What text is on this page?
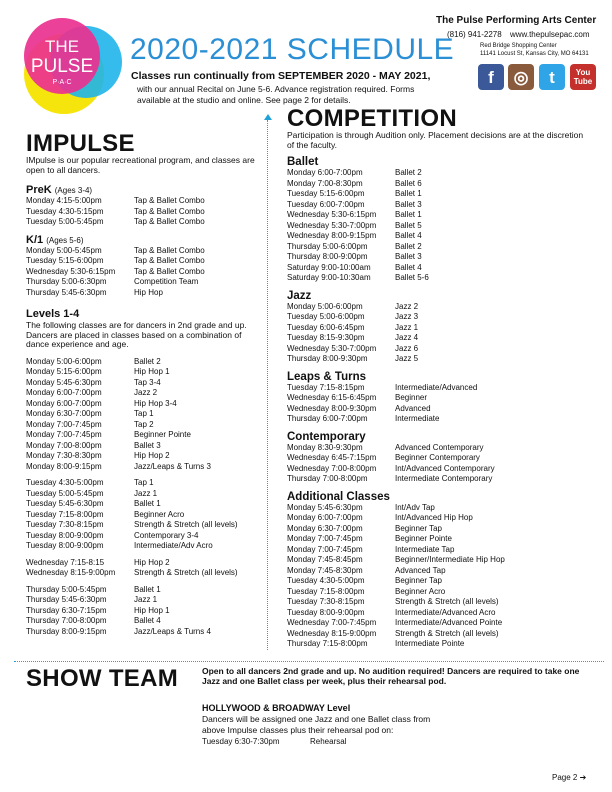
THE
PULSE
P·A·C
2020-2021 SCHEDULE
Classes run continually from SEPTEMBER 2020 - MAY 2021,
with our annual Recital on June 5-6. Advance registration required. Forms available at the studio and online. See page 2 for details.
The Pulse Performing Arts Center
(816) 941-2278 www.thepulsepac.com
Red Bridge Shopping Center
11141 Locust St, Kansas City, MO 64131
f ◎ t	You
Tube
IMPULSE
IMpulse is our popular recreational program, and classes are open to all dancers.
PreK (Ages 3-4)
Monday 4:15-5:00pm	Tap & Ballet Combo
Tuesday 4:30-5:15pm	Tap & Ballet Combo
Tuesday 5:00-5:45pm	Tap & Ballet Combo
K/1 (Ages 5-6)
Monday 5:00-5:45pm	Tap & Ballet Combo
Tuesday 5:15-6:00pm	Tap & Ballet Combo
Wednesday 5:30-6:15pm Tap & Ballet Combo
Thursday 5:00-6:30pm	Competition Team
Thursday 5:45-6:30pm	Hip Hop
Levels 1-4
The following classes are for dancers in 2nd grade and up. Dancers are placed in classes based on a combination of dance experience and age.
Monday 5:00-6:00pm	Ballet 2
Monday 5:15-6:00pm	Hip Hop 1
Monday 5:45-6:30pm	Tap 3-4
Monday 6:00-7:00pm	Jazz 2
Monday 6:00-7:00pm	Hip Hop 3-4
Monday 6:30-7:00pm	Tap 1
Monday 7:00-7:45pm	Tap 2
Monday 7:00-7:45pm	Beginner Pointe
Monday 7:00-8:00pm	Ballet 3
Monday 7:30-8:30pm	Hip Hop 2
Monday 8:00-9:15pm	Jazz/Leaps & Turns 3
Tuesday 4:30-5:00pm	Tap 1
Tuesday 5:00-5:45pm	Jazz 1
Tuesday 5:45-6:30pm	Ballet 1
Tuesday 7:15-8:00pm	Beginner Acro
Tuesday 7:30-8:15pm	Strength & Stretch (all levels)
Tuesday 8:00-9:00pm	Contemporary 3-4
Tuesday 8:00-9:00pm	Intermediate/Adv Acro
Wednesday 7:15-8:15	Hip Hop 2
Wednesday 8:15-9:00pm Strength & Stretch (all levels)
Thursday 5:00-5:45pm	Ballet 1
Thursday 5:45-6:30pm	Jazz 1
Thursday 6:30-7:15pm	Hip Hop 1
Thursday 7:00-8:00pm	Ballet 4
Thursday 8:00-9:15pm	Jazz/Leaps & Turns 4
COMPETITION
Participation is through Audition only. Placement decisions are at the discretion of the faculty.
Ballet
Monday 6:00-7:00pm	Ballet 2
Monday 7:00-8:30pm	Ballet 6
Tuesday 5:15-6:00pm	Ballet 1
Tuesday 6:00-7:00pm	Ballet 3
Wednesday 5:30-6:15pm Ballet 1
Wednesday 5:30-7:00pm Ballet 5
Wednesday 8:00-9:15pm Ballet 4
Thursday 5:00-6:00pm	Ballet 2
Thursday 8:00-9:00pm	Ballet 3
Saturday 9:00-10:00am	Ballet 4
Saturday 9:00-10:30am	Ballet 5-6
Jazz
Monday 5:00-6:00pm	Jazz 2
Tuesday 5:00-6:00pm	Jazz 3
Tuesday 6:00-6:45pm	Jazz 1
Tuesday 8:15-9:30pm	Jazz 4
Wednesday 5:30-7:00pm Jazz 6
Thursday 8:00-9:30pm	Jazz 5
Leaps & Turns
Tuesday 7:15-8:15pm	Intermediate/Advanced
Wednesday 6:15-6:45pm Beginner
Wednesday 8:00-9:30pm Advanced
Thursday 6:00-7:00pm	Intermediate
Contemporary
Monday 8:30-9:30pm	Advanced Contemporary
Wednesday 6:45-7:15pm Beginner Contemporary
Wednesday 7:00-8:00pm Int/Advanced Contemporary
Thursday 7:00-8:00pm	Intermediate Contemporary
Additional Classes
Monday 5:45-6:30pm	Int/Adv Tap
Monday 6:00-7:00pm	Int/Advanced Hip Hop
Monday 6:30-7:00pm	Beginner Tap
Monday 7:00-7:45pm	Beginner Pointe
Monday 7:00-7:45pm	Intermediate Tap
Monday 7:45-8:45pm	Beginner/Intermediate Hip Hop
Monday 7:45-8:30pm	Advanced Tap
Tuesday 4:30-5:00pm	Beginner Tap
Tuesday 7:15-8:00pm	Beginner Acro
Tuesday 7:30-8:15pm	Strength & Stretch (all levels)
Tuesday 8:00-9:00pm	Intermediate/Advanced Acro
Wednesday 7:00-7:45pm Intermediate/Advanced Pointe
Wednesday 8:15-9:00pm Strength & Stretch (all levels)
Thursday 7:15-8:00pm	Intermediate Pointe
SHOW TEAM	Open to all dancers 2nd grade and up. No audition required! Dancers are required to take one Jazz and one Ballet class per week, plus their rehearsal pod.
HOLLYWOOD & BROADWAY Level
Dancers will be assigned one Jazz and one Ballet class from above Impulse classes plus their rehearsal pod on:
Tuesday 6:30-7:30pm	Rehearsal
Page 2 ➔
